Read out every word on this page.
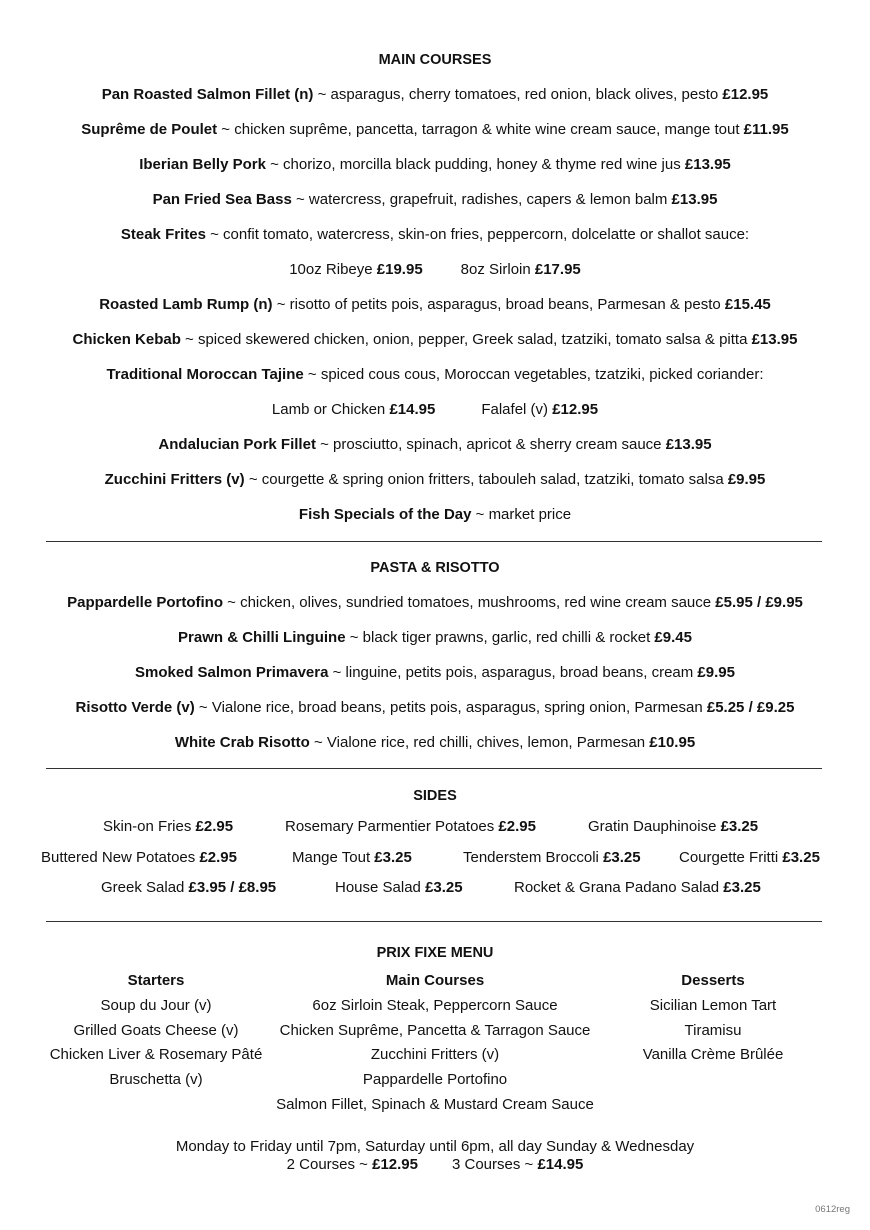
MAIN COURSES
Pan Roasted Salmon Fillet (n) ~ asparagus, cherry tomatoes, red onion, black olives, pesto £12.95
Suprême de Poulet ~ chicken suprême, pancetta, tarragon & white wine cream sauce, mange tout £11.95
Iberian Belly Pork ~ chorizo, morcilla black pudding, honey & thyme red wine jus £13.95
Pan Fried Sea Bass ~ watercress, grapefruit, radishes, capers & lemon balm £13.95
Steak Frites ~ confit tomato, watercress, skin-on fries, peppercorn, dolcelatte or shallot sauce:
10oz Ribeye £19.95	8oz Sirloin £17.95
Roasted Lamb Rump (n) ~ risotto of petits pois, asparagus, broad beans, Parmesan & pesto £15.45
Chicken Kebab ~ spiced skewered chicken, onion, pepper, Greek salad, tzatziki, tomato salsa & pitta £13.95
Traditional Moroccan Tajine ~ spiced cous cous, Moroccan vegetables, tzatziki, picked coriander:
Lamb or Chicken £14.95	Falafel (v) £12.95
Andalucian Pork Fillet ~ prosciutto, spinach, apricot & sherry cream sauce £13.95
Zucchini Fritters (v) ~ courgette & spring onion fritters, tabouleh salad, tzatziki, tomato salsa £9.95
Fish Specials of the Day ~ market price
PASTA & RISOTTO
Pappardelle Portofino ~ chicken, olives, sundried tomatoes, mushrooms, red wine cream sauce £5.95 / £9.95
Prawn & Chilli Linguine ~ black tiger prawns, garlic, red chilli & rocket £9.45
Smoked Salmon Primavera ~ linguine, petits pois, asparagus, broad beans, cream £9.95
Risotto Verde (v) ~ Vialone rice, broad beans, petits pois, asparagus, spring onion, Parmesan £5.25 / £9.25
White Crab Risotto ~ Vialone rice, red chilli, chives, lemon, Parmesan £10.95
SIDES
Skin-on Fries £2.95	Rosemary Parmentier Potatoes £2.95	Gratin Dauphinoise £3.25
Buttered New Potatoes £2.95	Mange Tout £3.25	Tenderstem Broccoli £3.25	Courgette Fritti £3.25
Greek Salad £3.95 / £8.95	House Salad £3.25	Rocket & Grana Padano Salad £3.25
PRIX FIXE MENU
Starters
Soup du Jour (v)
Grilled Goats Cheese (v)
Chicken Liver & Rosemary Pâté
Bruschetta (v)
Main Courses
6oz Sirloin Steak, Peppercorn Sauce
Chicken Suprême, Pancetta & Tarragon Sauce
Zucchini Fritters (v)
Pappardelle Portofino
Salmon Fillet, Spinach & Mustard Cream Sauce
Desserts
Sicilian Lemon Tart
Tiramisu
Vanilla Crème Brûlée
Monday to Friday until 7pm, Saturday until 6pm, all day Sunday & Wednesday
2 Courses ~ £12.95 3 Courses ~ £14.95
0612reg
